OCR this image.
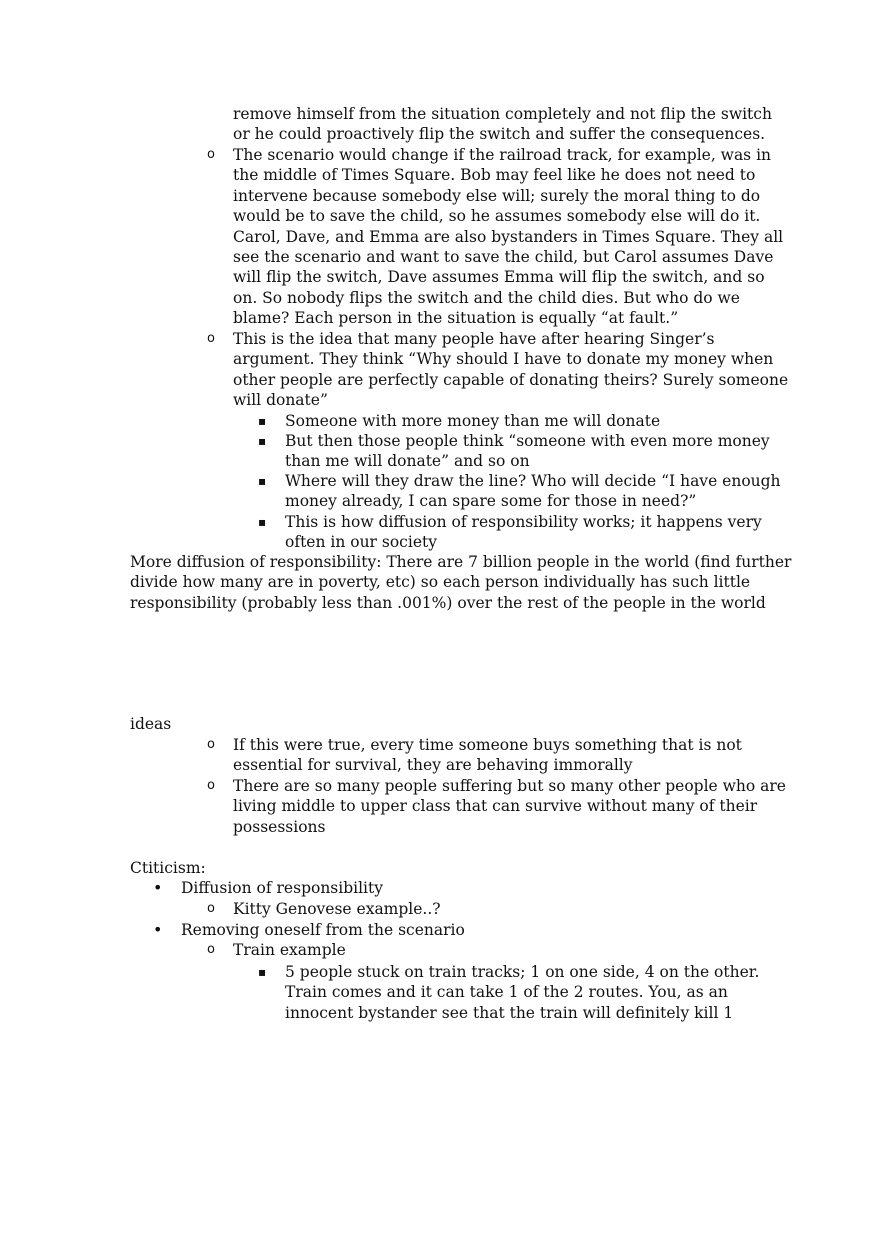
remove himself from the situation completely and not flip the switch
or he could proactively flip the switch and suffer the consequences.
o The scenario would change if the railroad track, for example, was in
the middle of Times Square. Bob may feel like he does not need to
intervene because somebody else will; surely the moral thing to do
would be to save the child, so he assumes somebody else will do it.
Carol, Dave, and Emma are also bystanders in Times Square. They all
see the scenario and want to save the child, but Carol assumes Dave
will flip the switch, Dave assumes Emma will flip the switch, and so
on. So nobody flips the switch and the child dies. But who do we
blame? Each person in the situation is equally “at fault.”
o This is the idea that many people have after hearing Singer’s
argument. They think “Why should I have to donate my money when
other people are perfectly capable of donating theirs? Surely someone
will donate”
▪ Someone with more money than me will donate
▪ But then those people think “someone with even more money
than me will donate” and so on
▪ Where will they draw the line? Who will decide “I have enough
money already, I can spare some for those in need?”
▪ This is how diffusion of responsibility works; it happens very
often in our society
More diffusion of responsibility: There are 7 billion people in the world (find further
divide how many are in poverty, etc) so each person individually has such little
responsibility (probably less than .001%) over the rest of the people in the world
ideas
o If this were true, every time someone buys something that is not
essential for survival, they are behaving immorally
o There are so many people suffering but so many other people who are
living middle to upper class that can survive without many of their
possessions
Ctiticism:
• Diffusion of responsibility
o Kitty Genovese example..?
• Removing oneself from the scenario
o Train example
▪ 5 people stuck on train tracks; 1 on one side, 4 on the other.
Train comes and it can take 1 of the 2 routes. You, as an
innocent bystander see that the train will definitely kill 1
